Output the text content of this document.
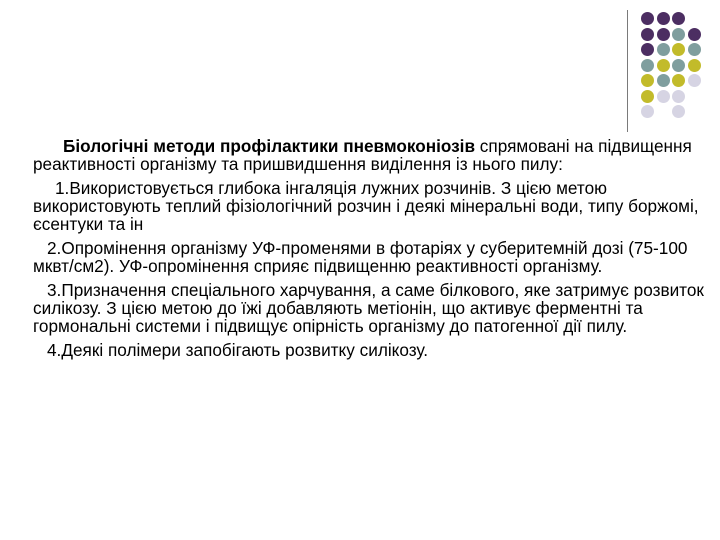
Біологічні методи профілактики пневмоконіозів спрямовані на підвищення реактивності організму та пришвидшення виділення із нього пилу:

1.Використовується глибока інгаляція лужних розчинів. З цією метою використовують теплий фізіологічний розчин і деякі мінеральні води, типу боржомі, єсентуки та ін

2.Опромінення організму УФ-променями в фотаріях у суберитемній дозі (75-100 мквт/см2). УФ-опромінення сприяє підвищенню реактивності організму.

3.Призначення спеціального харчування, а саме білкового, яке затримує розвиток силікозу. З цією метою до їжі добавляють метіонін, що активує ферментні та гормональні системи і підвищує опірність організму до патогенної дії пилу.

4.Деякі полімери запобігають розвитку силікозу.
